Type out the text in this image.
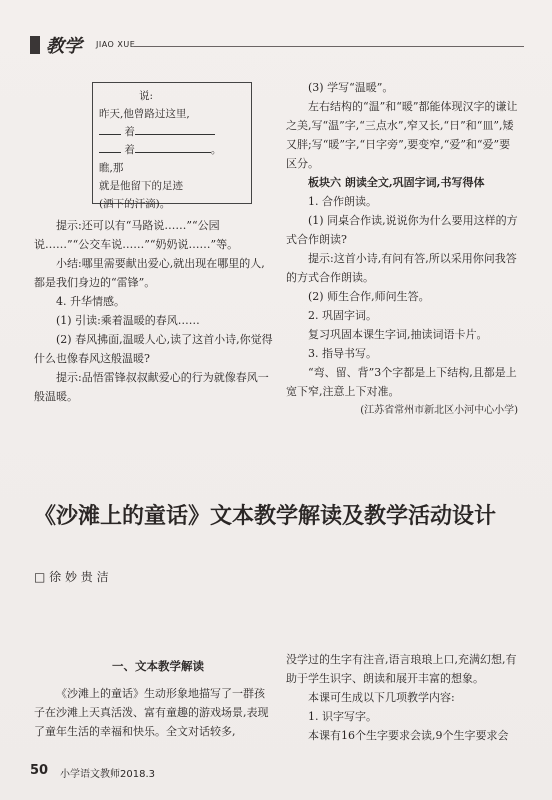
教学 JIAO XUE
说:
昨天,他曾路过这里,
着
着	。
瞧,那
就是他留下的足迹
(洒下的汗滴)。

提示:还可以有“马路说……”“公园说……”“公交车说……”“奶奶说……”等。

小结:哪里需要献出爱心,就出现在哪里的人,都是我们身边的“雷锋”。

4. 升华情感。

(1) 引读:乘着温暖的春风……

(2) 春风拂面,温暖人心,读了这首小诗,你觉得什么也像春风这般温暖?

提示:品悟雷锋叔叔献爱心的行为就像春风一般温暖。

(3) 学写“温暖”。

左右结构的“温”和“暖”都能体现汉字的谦让之美,写“温”字,“三点水”,窄又长,“日”和“皿”,矮又胖;写“暖”字,“日字旁”,要变窄,“爱”和“爱”要区分。

板块六 朗读全文,巩固字词,书写得体

1. 合作朗读。

(1) 同桌合作读,说说你为什么要用这样的方式合作朗读?

提示:这首小诗,有问有答,所以采用你问我答的方式合作朗读。

(2) 师生合作,师问生答。

2. 巩固字词。

复习巩固本课生字词,抽读词语卡片。

3. 指导书写。

“弯、留、背”3个字都是上下结构,且都是上宽下窄,注意上下对准。

(江苏省常州市新北区小河中心小学)

《沙滩上的童话》文本教学解读及教学活动设计
□ 徐 妙 贵 洁
一、文本教学解读

《沙滩上的童话》生动形象地描写了一群孩子在沙滩上天真活泼、富有童趣的游戏场景,表现了童年生活的幸福和快乐。全文对话较多,

没学过的生字有注音,语言琅琅上口,充满幻想,有助于学生识字、朗读和展开丰富的想象。

本课可生成以下几项教学内容:

1. 识字写字。

本课有16个生字要求会读,9个生字要求会

50 小学语文教师2018.3
